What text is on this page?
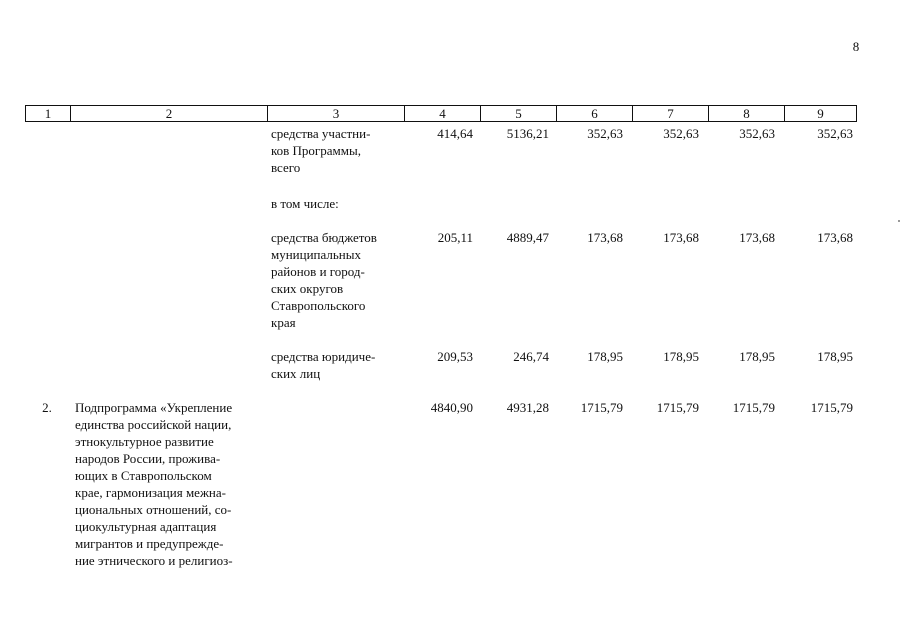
8
1	2	3	4	5	6	7	8	9
средства участни-
ков Программы,
всего
414,64	5136,21	352,63	352,63	352,63	352,63
в том числе:
средства бюджетов
муниципальных
районов и город-
ских округов
Ставропольского
края
205,11	4889,47	173,68	173,68	173,68	173,68
средства юридиче-
ских лиц
209,53	246,74	178,95	178,95	178,95	178,95
2.	Подпрограмма «Укрепление
единства российской нации,
этнокультурное развитие
народов России, прожива-
ющих в Ставропольском
крае, гармонизация межна-
циональных отношений, со-
циокультурная адаптация
мигрантов и предупрежде-
ние этнического и религиоз-
4840,90	4931,28	1715,79	1715,79	1715,79	1715,79
